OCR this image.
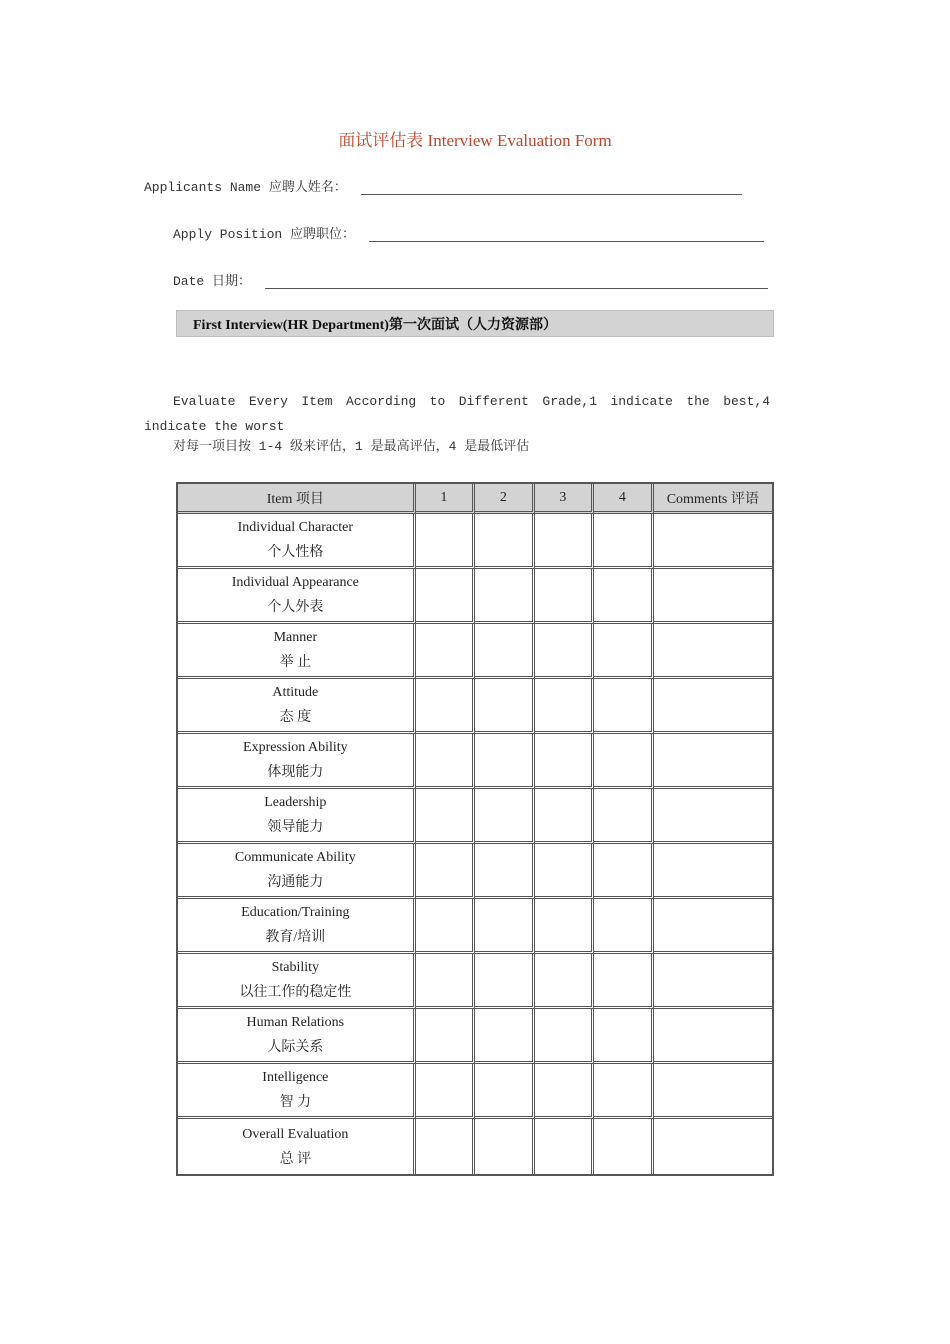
面试评估表 Interview Evaluation Form
Applicants Name 应聘人姓名：
Apply Position 应聘职位：
Date 日期：
First Interview(HR Department)第一次面试（人力资源部）
Evaluate Every Item According to Different Grade,1 indicate the best,4 indicate the worst
对每一项目按 1-4 级来评估，1 是最高评估，4 是最低评估
Item 项目	1	2	3	4	Comments 评语

Individual Character
个人性格					

Individual Appearance
个人外表					

Manner
举 止					

Attitude
态 度					

Expression Ability
体现能力					

Leadership
领导能力					

Communicate Ability
沟通能力					

Education/Training
教育/培训					

Stability
以往工作的稳定性					

Human Relations
人际关系					

Intelligence
智 力					

Overall Evaluation
总 评					
